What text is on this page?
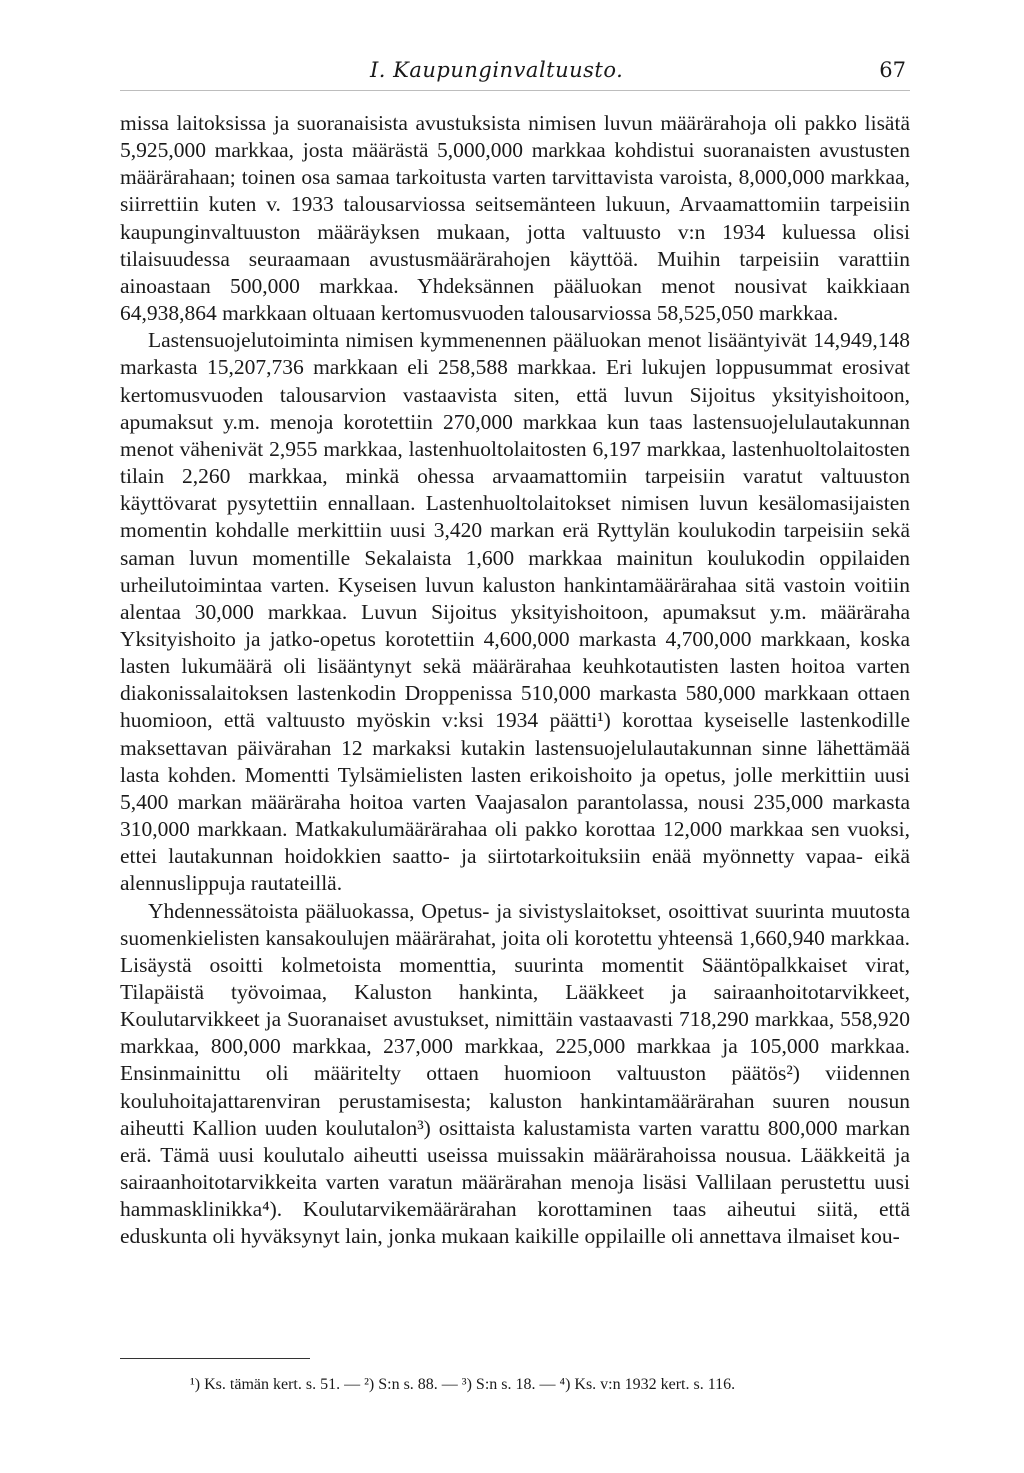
I. Kaupunginvaltuusto.	67

missa laitoksissa ja suoranaisista avustuksista nimisen luvun määrärahoja oli pakko lisätä 5,925,000 markkaa, josta määrästä 5,000,000 markkaa kohdistui suoranaisten avustusten määrärahaan; toinen osa samaa tarkoitusta varten tarvittavista varoista, 8,000,000 markkaa, siirrettiin kuten v. 1933 talousarviossa seitsemänteen lukuun, Arvaamattomiin tarpeisiin kaupunginvaltuuston määräyksen mukaan, jotta valtuusto v:n 1934 kuluessa olisi tilaisuudessa seuraamaan avustusmäärärahojen käyttöä. Muihin tarpeisiin varattiin ainoastaan 500,000 markkaa. Yhdeksännen pääluokan menot nousivat kaikkiaan 64,938,864 markkaan oltuaan kertomusvuoden talousarviossa 58,525,050 markkaa.

Lastensuojelutoiminta nimisen kymmenennen pääluokan menot lisääntyivät 14,949,148 markasta 15,207,736 markkaan eli 258,588 markkaa. Eri lukujen loppusummat erosivat kertomusvuoden talousarvion vastaavista siten, että luvun Sijoitus yksityishoitoon, apumaksut y.m. menoja korotettiin 270,000 markkaa kun taas lastensuojelulautakunnan menot vähenivät 2,955 markkaa, lastenhuoltolaitosten 6,197 markkaa, lastenhuoltolaitosten tilain 2,260 markkaa, minkä ohessa arvaamattomiin tarpeisiin varatut valtuuston käyttövarat pysytettiin ennallaan. Lastenhuoltolaitokset nimisen luvun kesälomasijaisten momentin kohdalle merkittiin uusi 3,420 markan erä Ryttylän koulukodin tarpeisiin sekä saman luvun momentille Sekalaista 1,600 markkaa mainitun koulukodin oppilaiden urheilutoimintaa varten. Kyseisen luvun kaluston hankintamäärärahaa sitä vastoin voitiin alentaa 30,000 markkaa. Luvun Sijoitus yksityishoitoon, apumaksut y.m. määräraha Yksityishoito ja jatko-opetus korotettiin 4,600,000 markasta 4,700,000 markkaan, koska lasten lukumäärä oli lisääntynyt sekä määrärahaa keuhkotautisten lasten hoitoa varten diakonissalaitoksen lastenkodin Droppenissa 510,000 markasta 580,000 markkaan ottaen huomioon, että valtuusto myöskin v:ksi 1934 päätti¹) korottaa kyseiselle lastenkodille maksettavan päivärahan 12 markaksi kutakin lastensuojelulautakunnan sinne lähettämää lasta kohden. Momentti Tylsämielisten lasten erikoishoito ja opetus, jolle merkittiin uusi 5,400 markan määräraha hoitoa varten Vaajasalon parantolassa, nousi 235,000 markasta 310,000 markkaan. Matkakulumäärärahaa oli pakko korottaa 12,000 markkaa sen vuoksi, ettei lautakunnan hoidokkien saatto- ja siirtotarkoituksiin enää myönnetty vapaa- eikä alennuslippuja rautateillä.

Yhdennessätoista pääluokassa, Opetus- ja sivistyslaitokset, osoittivat suurinta muutosta suomenkielisten kansakoulujen määrärahat, joita oli korotettu yhteensä 1,660,940 markkaa. Lisäystä osoitti kolmetoista momenttia, suurinta momentit Sääntöpalkkaiset virat, Tilapäistä työvoimaa, Kaluston hankinta, Lääkkeet ja sairaanhoitotarvikkeet, Koulutarvikkeet ja Suoranaiset avustukset, nimittäin vastaavasti 718,290 markkaa, 558,920 markkaa, 800,000 markkaa, 237,000 markkaa, 225,000 markkaa ja 105,000 markkaa. Ensinmainittu oli määritelty ottaen huomioon valtuuston päätös²) viidennen kouluhoitajattarenviran perustamisesta; kaluston hankintamäärärahan suuren nousun aiheutti Kallion uuden koulutalon³) osittaista kalustamista varten varattu 800,000 markan erä. Tämä uusi koulutalo aiheutti useissa muissakin määrärahoissa nousua. Lääkkeitä ja sairaanhoitotarvikkeita varten varatun määrärahan menoja lisäsi Vallilaan perustettu uusi hammasklinikka⁴). Koulutarvikemäärärahan korottaminen taas aiheutui siitä, että eduskunta oli hyväksynyt lain, jonka mukaan kaikille oppilaille oli annettava ilmaiset kou-

¹) Ks. tämän kert. s. 51. — ²) S:n s. 88. — ³) S:n s. 18. — ⁴) Ks. v:n 1932 kert. s. 116.
